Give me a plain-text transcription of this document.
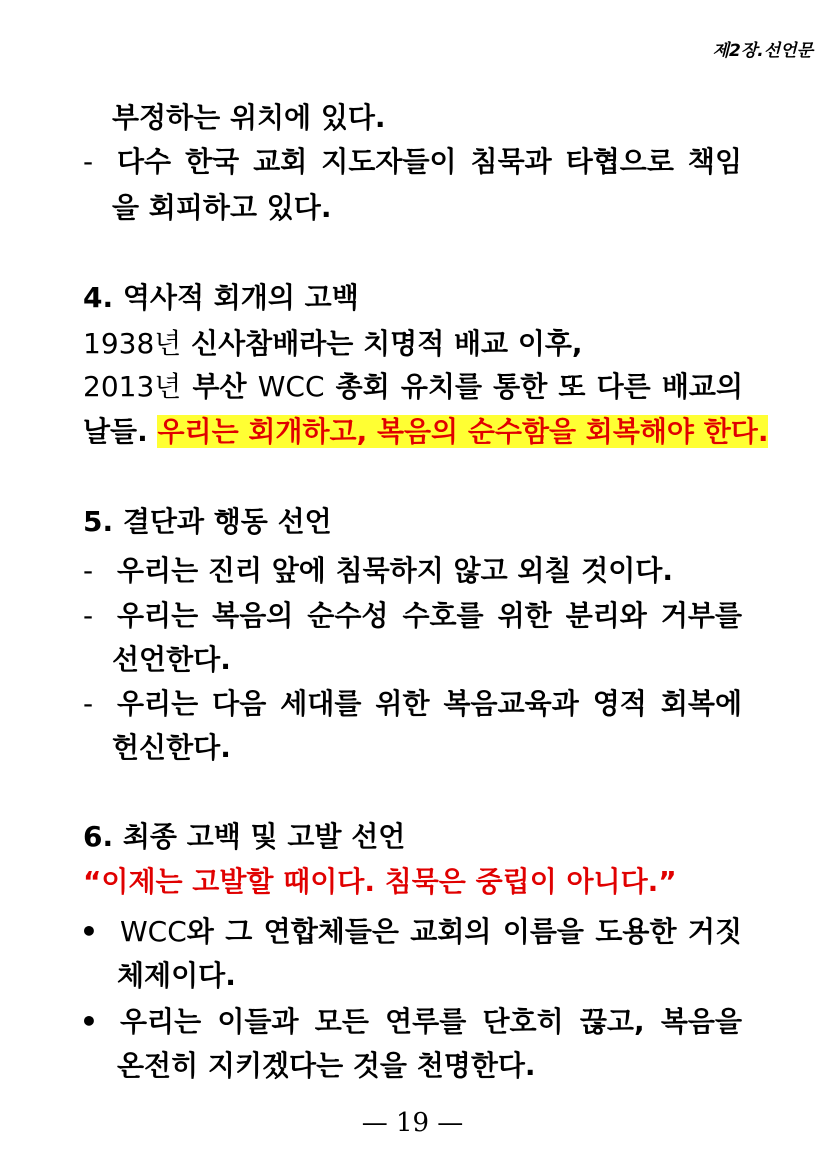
제2장.선언문
부정하는 위치에 있다.
- 다수 한국 교회 지도자들이 침묵과 타협으로 책임
을 회피하고 있다.
4. 역사적 회개의 고백
1938년 신사참배라는 치명적 배교 이후,
2013년 부산 WCC 총회 유치를 통한 또 다른 배교의
날들. 우리는 회개하고, 복음의 순수함을 회복해야 한다.
5. 결단과 행동 선언
- 우리는 진리 앞에 침묵하지 않고 외칠 것이다.
- 우리는 복음의 순수성 수호를 위한 분리와 거부를
선언한다.
- 우리는 다음 세대를 위한 복음교육과 영적 회복에
헌신한다.
6. 최종 고백 및 고발 선언
“이제는 고발할 때이다. 침묵은 중립이 아니다.”
• WCC와 그 연합체들은 교회의 이름을 도용한 거짓
체제이다.
• 우리는 이들과 모든 연루를 단호히 끊고, 복음을
온전히 지키겠다는 것을 천명한다.
— 19 —
